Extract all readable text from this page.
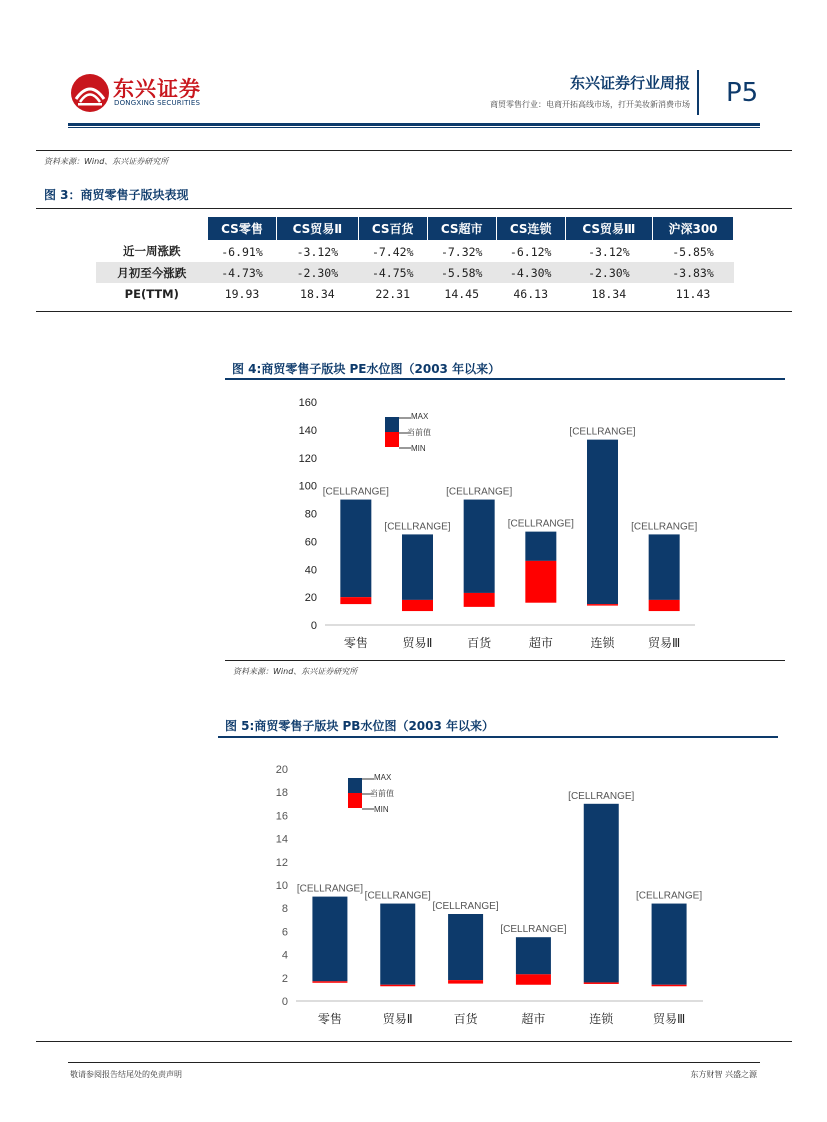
东兴证券
DONGXING SECURITIES
东兴证券行业周报
商贸零售行业：电商开拓高线市场，打开美妆新消费市场 P5
资料来源：Wind、东兴证券研究所
图 3：商贸零售子版块表现
	CS零售	CS贸易Ⅱ	CS百货	CS超市	CS连锁	CS贸易Ⅲ	沪深300
近一周涨跌	-6.91%	-3.12%	-7.42%	-7.32%	-6.12%	-3.12%	-5.85%
月初至今涨跌	-4.73%	-2.30%	-4.75%	-5.58%	-4.30%	-2.30%	-3.83%
PE(TTM)	19.93	18.34	22.31	14.45	46.13	18.34	11.43
图 4:商贸零售子版块 PE水位图（2003 年以来）
0
20
40
60
80
100
120
140
160
零售
[CELLRANGE]
贸易Ⅱ
[CELLRANGE]
百货
[CELLRANGE]
超市
[CELLRANGE]
连锁
[CELLRANGE]
贸易Ⅲ
[CELLRANGE]
MAX
当前值
MIN
资料来源：Wind、东兴证券研究所
图 5:商贸零售子版块 PB水位图（2003 年以来）
0
2
4
6
8
10
12
14
16
18
20
零售
[CELLRANGE]
贸易Ⅱ
[CELLRANGE]
百货
[CELLRANGE]
超市
[CELLRANGE]
连锁
[CELLRANGE]
贸易Ⅲ
[CELLRANGE]
MAX
当前值
MIN
敬请参阅报告结尾处的免责声明	东方财智 兴盛之源
